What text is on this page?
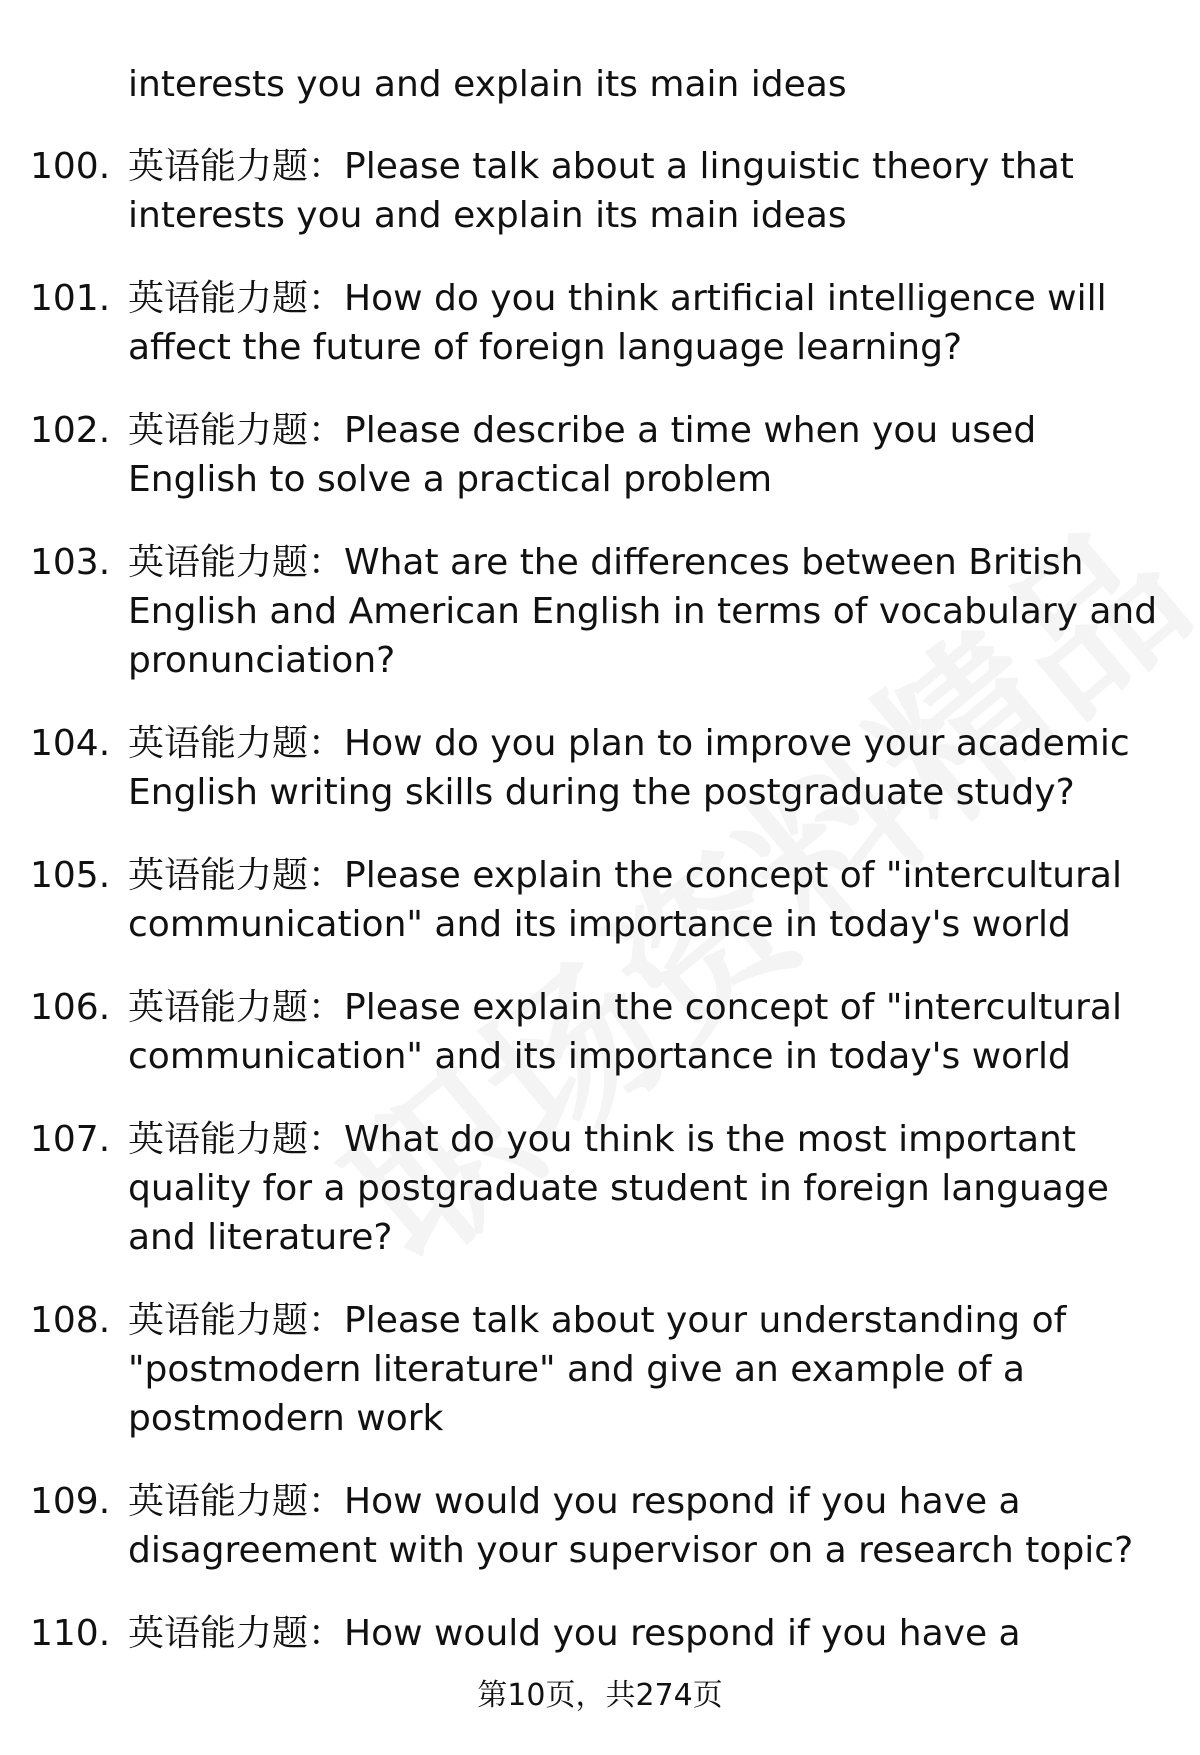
interests you and explain its main ideas
100. 英语能力题：Please talk about a linguistic theory that interests you and explain its main ideas
101. 英语能力题：How do you think artificial intelligence will affect the future of foreign language learning?
102. 英语能力题：Please describe a time when you used English to solve a practical problem
103. 英语能力题：What are the differences between British English and American English in terms of vocabulary and pronunciation?
104. 英语能力题：How do you plan to improve your academic English writing skills during the postgraduate study?
105. 英语能力题：Please explain the concept of "intercultural communication" and its importance in today's world
106. 英语能力题：Please explain the concept of "intercultural communication" and its importance in today's world
107. 英语能力题：What do you think is the most important quality for a postgraduate student in foreign language and literature?
108. 英语能力题：Please talk about your understanding of "postmodern literature" and give an example of a postmodern work
109. 英语能力题：How would you respond if you have a disagreement with your supervisor on a research topic?
110. 英语能力题：How would you respond if you have a
第10页，共274页
